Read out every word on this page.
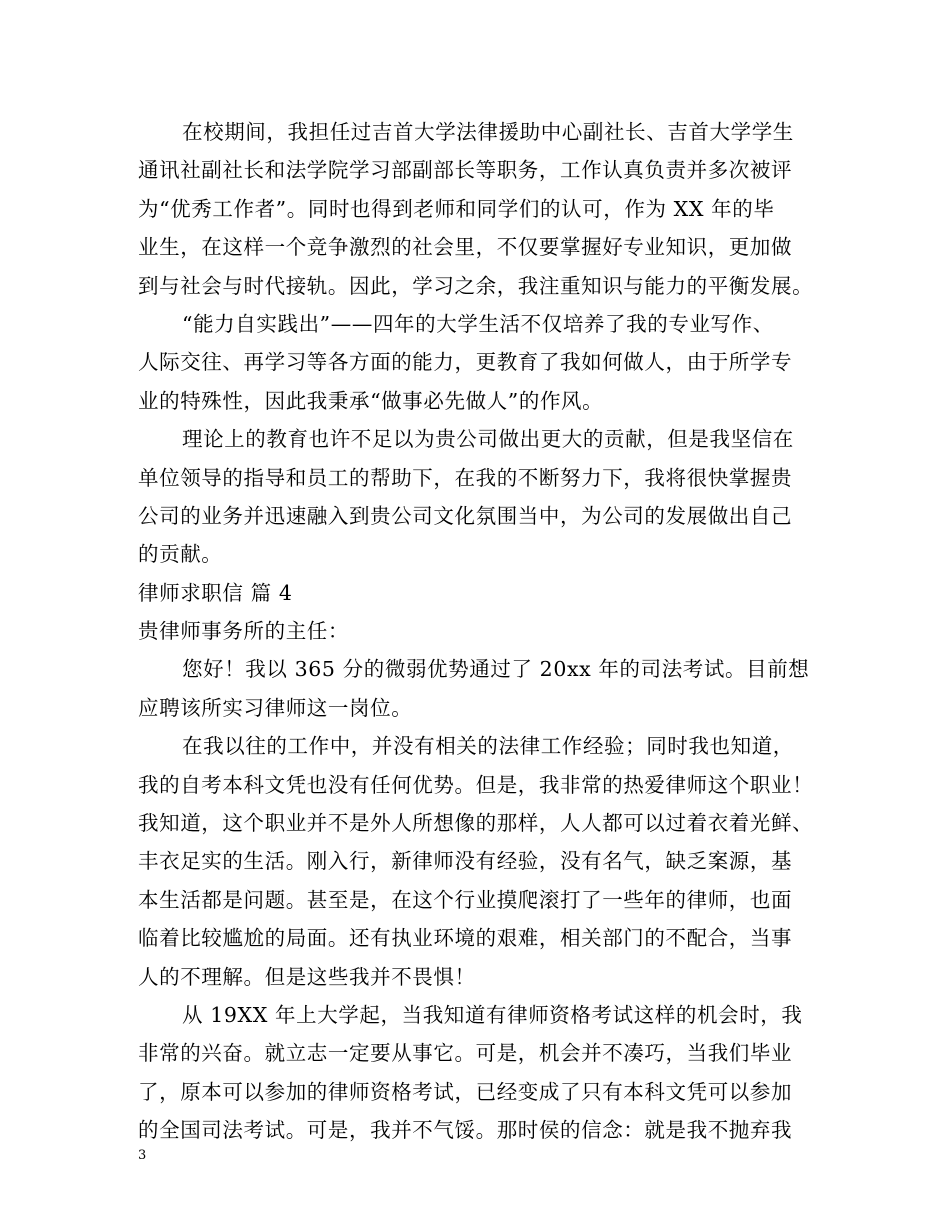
在校期间，我担任过吉首大学法律援助中心副社长、吉首大学学生
通讯社副社长和法学院学习部副部长等职务，工作认真负责并多次被评
为“优秀工作者”。同时也得到老师和同学们的认可，作为 XX 年的毕
业生，在这样一个竞争激烈的社会里，不仅要掌握好专业知识，更加做
到与社会与时代接轨。因此，学习之余，我注重知识与能力的平衡发展。

“能力自实践出”——四年的大学生活不仅培养了我的专业写作、
人际交往、再学习等各方面的能力，更教育了我如何做人，由于所学专
业的特殊性，因此我秉承“做事必先做人”的作风。

理论上的教育也许不足以为贵公司做出更大的贡献，但是我坚信在
单位领导的指导和员工的帮助下，在我的不断努力下，我将很快掌握贵
公司的业务并迅速融入到贵公司文化氛围当中，为公司的发展做出自己
的贡献。

律师求职信 篇 4

贵律师事务所的主任：

您好！我以 365 分的微弱优势通过了 20xx 年的司法考试。目前想
应聘该所实习律师这一岗位。

在我以往的工作中，并没有相关的法律工作经验；同时我也知道，
我的自考本科文凭也没有任何优势。但是，我非常的热爱律师这个职业！
我知道，这个职业并不是外人所想像的那样，人人都可以过着衣着光鲜、
丰衣足实的生活。刚入行，新律师没有经验，没有名气，缺乏案源，基
本生活都是问题。甚至是，在这个行业摸爬滚打了一些年的律师，也面
临着比较尴尬的局面。还有执业环境的艰难，相关部门的不配合，当事
人的不理解。但是这些我并不畏惧！

从 19XX 年上大学起，当我知道有律师资格考试这样的机会时，我
非常的兴奋。就立志一定要从事它。可是，机会并不凑巧，当我们毕业
了，原本可以参加的律师资格考试，已经变成了只有本科文凭可以参加
的全国司法考试。可是，我并不气馁。那时侯的信念：就是我不抛弃我

3
